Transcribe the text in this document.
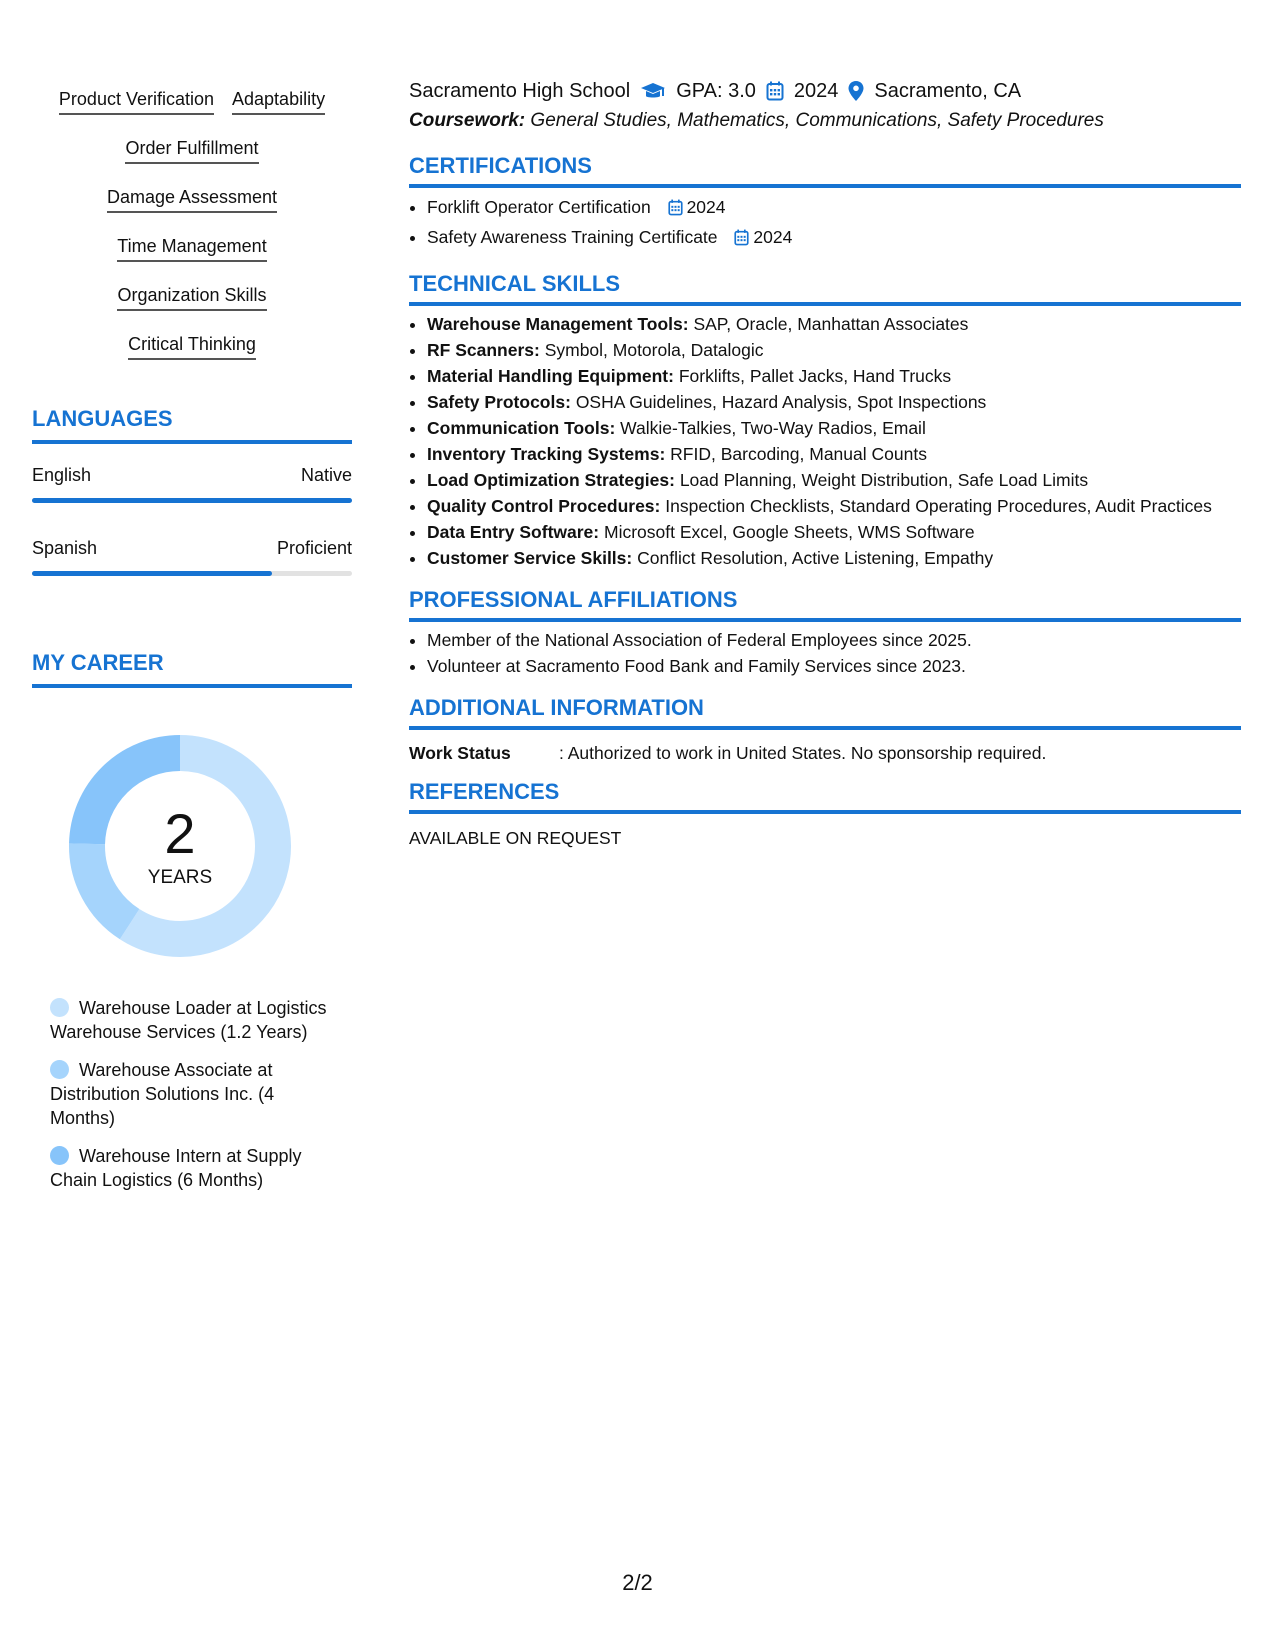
Product Verification Adaptability
Order Fulfillment
Damage Assessment
Time Management
Organization Skills
Critical Thinking
LANGUAGES
English	Native
Spanish	Proficient
MY CAREER
2
YEARS
Warehouse Loader at Logistics Warehouse Services (1.2 Years)
Warehouse Associate at Distribution Solutions Inc. (4 Months)
Warehouse Intern at Supply Chain Logistics (6 Months)
Sacramento High School GPA: 3.0 2024 Sacramento, CA
Coursework: General Studies, Mathematics, Communications, Safety Procedures
CERTIFICATIONS
• Forklift Operator Certification 2024
• Safety Awareness Training Certificate 2024
TECHNICAL SKILLS
• Warehouse Management Tools: SAP, Oracle, Manhattan Associates
• RF Scanners: Symbol, Motorola, Datalogic
• Material Handling Equipment: Forklifts, Pallet Jacks, Hand Trucks
• Safety Protocols: OSHA Guidelines, Hazard Analysis, Spot Inspections
• Communication Tools: Walkie-Talkies, Two-Way Radios, Email
• Inventory Tracking Systems: RFID, Barcoding, Manual Counts
• Load Optimization Strategies: Load Planning, Weight Distribution, Safe Load Limits
• Quality Control Procedures: Inspection Checklists, Standard Operating Procedures, Audit Practices
• Data Entry Software: Microsoft Excel, Google Sheets, WMS Software
• Customer Service Skills: Conflict Resolution, Active Listening, Empathy
PROFESSIONAL AFFILIATIONS
• Member of the National Association of Federal Employees since 2025.
• Volunteer at Sacramento Food Bank and Family Services since 2023.
ADDITIONAL INFORMATION
Work Status	: Authorized to work in United States. No sponsorship required.
REFERENCES
AVAILABLE ON REQUEST
2/2
